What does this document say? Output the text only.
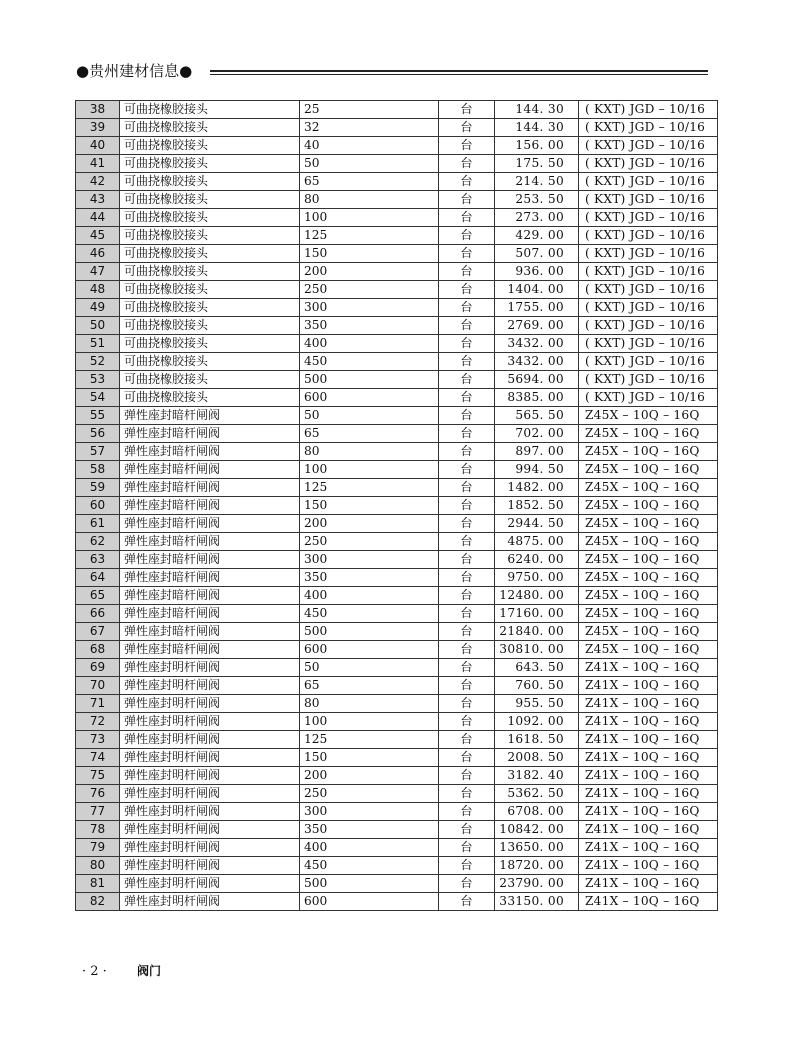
●贵州建材信息●
38	可曲挠橡胶接头	25	台	144. 30	( KXT) JGD – 10/16
39	可曲挠橡胶接头	32	台	144. 30	( KXT) JGD – 10/16
40	可曲挠橡胶接头	40	台	156. 00	( KXT) JGD – 10/16
41	可曲挠橡胶接头	50	台	175. 50	( KXT) JGD – 10/16
42	可曲挠橡胶接头	65	台	214. 50	( KXT) JGD – 10/16
43	可曲挠橡胶接头	80	台	253. 50	( KXT) JGD – 10/16
44	可曲挠橡胶接头	100	台	273. 00	( KXT) JGD – 10/16
45	可曲挠橡胶接头	125	台	429. 00	( KXT) JGD – 10/16
46	可曲挠橡胶接头	150	台	507. 00	( KXT) JGD – 10/16
47	可曲挠橡胶接头	200	台	936. 00	( KXT) JGD – 10/16
48	可曲挠橡胶接头	250	台	1404. 00	( KXT) JGD – 10/16
49	可曲挠橡胶接头	300	台	1755. 00	( KXT) JGD – 10/16
50	可曲挠橡胶接头	350	台	2769. 00	( KXT) JGD – 10/16
51	可曲挠橡胶接头	400	台	3432. 00	( KXT) JGD – 10/16
52	可曲挠橡胶接头	450	台	3432. 00	( KXT) JGD – 10/16
53	可曲挠橡胶接头	500	台	5694. 00	( KXT) JGD – 10/16
54	可曲挠橡胶接头	600	台	8385. 00	( KXT) JGD – 10/16
55	弹性座封暗杆闸阀	50	台	565. 50	Z45X – 10Q – 16Q
56	弹性座封暗杆闸阀	65	台	702. 00	Z45X – 10Q – 16Q
57	弹性座封暗杆闸阀	80	台	897. 00	Z45X – 10Q – 16Q
58	弹性座封暗杆闸阀	100	台	994. 50	Z45X – 10Q – 16Q
59	弹性座封暗杆闸阀	125	台	1482. 00	Z45X – 10Q – 16Q
60	弹性座封暗杆闸阀	150	台	1852. 50	Z45X – 10Q – 16Q
61	弹性座封暗杆闸阀	200	台	2944. 50	Z45X – 10Q – 16Q
62	弹性座封暗杆闸阀	250	台	4875. 00	Z45X – 10Q – 16Q
63	弹性座封暗杆闸阀	300	台	6240. 00	Z45X – 10Q – 16Q
64	弹性座封暗杆闸阀	350	台	9750. 00	Z45X – 10Q – 16Q
65	弹性座封暗杆闸阀	400	台	12480. 00	Z45X – 10Q – 16Q
66	弹性座封暗杆闸阀	450	台	17160. 00	Z45X – 10Q – 16Q
67	弹性座封暗杆闸阀	500	台	21840. 00	Z45X – 10Q – 16Q
68	弹性座封暗杆闸阀	600	台	30810. 00	Z45X – 10Q – 16Q
69	弹性座封明杆闸阀	50	台	643. 50	Z41X – 10Q – 16Q
70	弹性座封明杆闸阀	65	台	760. 50	Z41X – 10Q – 16Q
71	弹性座封明杆闸阀	80	台	955. 50	Z41X – 10Q – 16Q
72	弹性座封明杆闸阀	100	台	1092. 00	Z41X – 10Q – 16Q
73	弹性座封明杆闸阀	125	台	1618. 50	Z41X – 10Q – 16Q
74	弹性座封明杆闸阀	150	台	2008. 50	Z41X – 10Q – 16Q
75	弹性座封明杆闸阀	200	台	3182. 40	Z41X – 10Q – 16Q
76	弹性座封明杆闸阀	250	台	5362. 50	Z41X – 10Q – 16Q
77	弹性座封明杆闸阀	300	台	6708. 00	Z41X – 10Q – 16Q
78	弹性座封明杆闸阀	350	台	10842. 00	Z41X – 10Q – 16Q
79	弹性座封明杆闸阀	400	台	13650. 00	Z41X – 10Q – 16Q
80	弹性座封明杆闸阀	450	台	18720. 00	Z41X – 10Q – 16Q
81	弹性座封明杆闸阀	500	台	23790. 00	Z41X – 10Q – 16Q
82	弹性座封明杆闸阀	600	台	33150. 00	Z41X – 10Q – 16Q
· 2 ·	阀门
